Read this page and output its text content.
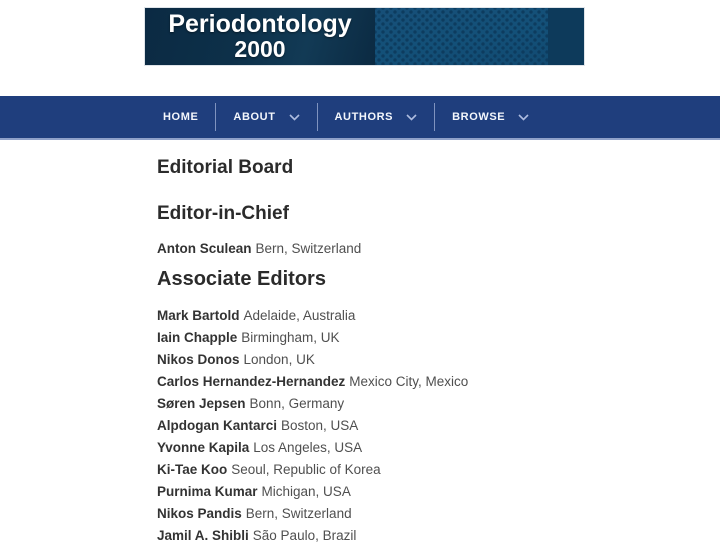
Periodontology
2000
HOME	ABOUT	AUTHORS	BROWSE
Editorial Board
Editor-in-Chief

Anton Sculean Bern, Switzerland

Associate Editors
Mark Bartold Adelaide, Australia
Iain Chapple Birmingham, UK
Nikos Donos London, UK
Carlos Hernandez-Hernandez Mexico City, Mexico
Søren Jepsen Bonn, Germany
Alpdogan Kantarci Boston, USA
Yvonne Kapila Los Angeles, USA
Ki-Tae Koo Seoul, Republic of Korea
Purnima Kumar Michigan, USA
Nikos Pandis Bern, Switzerland
Jamil A. Shibli São Paulo, Brazil
